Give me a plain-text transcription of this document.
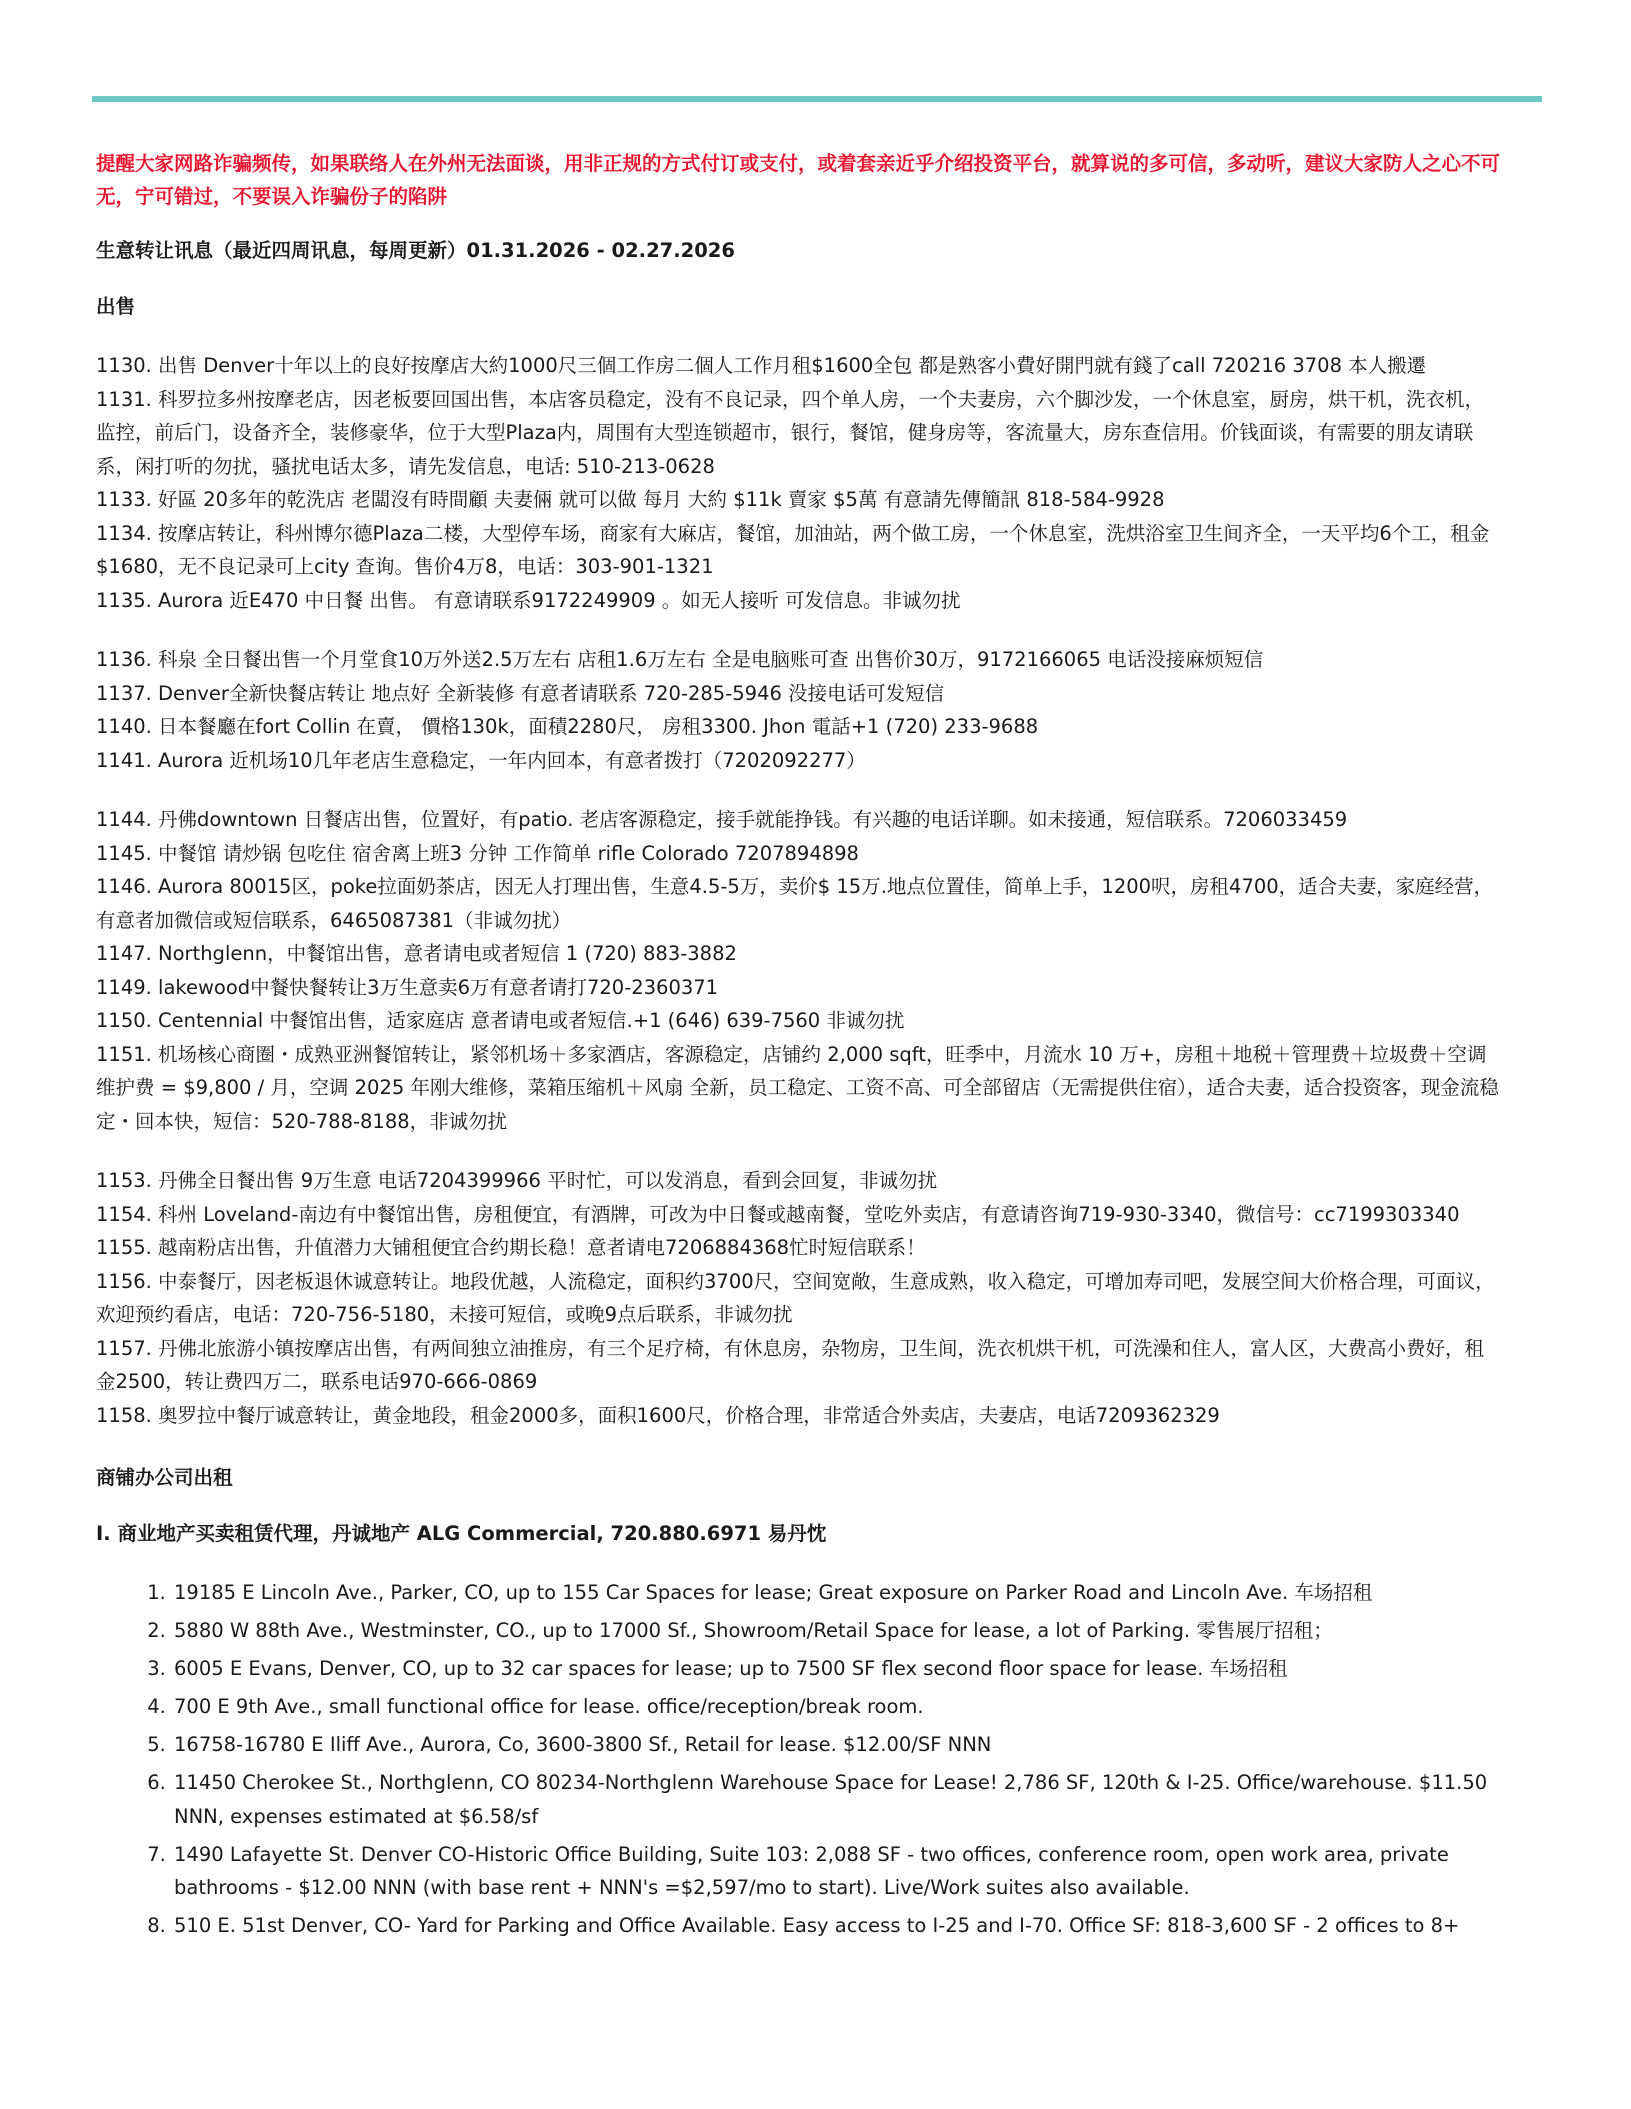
提醒大家网路诈骗频传，如果联络人在外州无法面谈，用非正规的方式付订或支付，或着套亲近乎介绍投资平台，就算说的多可信，多动听，建议大家防人之心不可无，宁可错过，不要误入诈骗份子的陷阱
生意转让讯息（最近四周讯息，每周更新）01.31.2026 - 02.27.2026
出售

1130. 出售 Denver十年以上的良好按摩店大約1000尺三個工作房二個人工作月租$1600全包 都是熟客小費好開門就有錢了call 720216 3708 本人搬遷

1131. 科罗拉多州按摩老店，因老板要回国出售，本店客员稳定，没有不良记录，四个单人房，一个夫妻房，六个脚沙发，一个休息室，厨房，烘干机，洗衣机，监控，前后门，设备齐全，装修豪华，位于大型Plaza内，周围有大型连锁超市，银行，餐馆，健身房等，客流量大，房东查信用。价钱面谈，有需要的朋友请联系，闲打听的勿扰，骚扰电话太多，请先发信息，电话: 510-213-0628

1133. 好區 20多年的乾洗店 老闆沒有時間顧 夫妻倆 就可以做 每月 大約 $11k 賣家 $5萬 有意請先傳簡訊 818-584-9928

1134. 按摩店转让，科州博尔德Plaza二楼，大型停车场，商家有大麻店，餐馆，加油站，两个做工房，一个休息室，洗烘浴室卫生间齐全，一天平均6个工，租金$1680，无不良记录可上city 查询。售价4万8，电话：303-901-1321

1135. Aurora 近E470 中日餐 出售。 有意请联系9172249909 。如无人接听 可发信息。非诚勿扰

1136. 科泉 全日餐出售一个月堂食10万外送2.5万左右 店租1.6万左右 全是电脑账可查 出售价30万，9172166065 电话没接麻烦短信

1137. Denver全新快餐店转让 地点好 全新装修 有意者请联系 720-285-5946 没接电话可发短信

1140. 日本餐廳在fort Collin 在賣， 價格130k，面積2280尺， 房租3300. Jhon 電話+1 (720) 233-9688

1141. Aurora 近机场10几年老店生意稳定，一年内回本，有意者拨打（7202092277）

1144. 丹佛downtown 日餐店出售，位置好，有patio. 老店客源稳定，接手就能挣钱。有兴趣的电话详聊。如未接通，短信联系。7206033459

1145. 中餐馆 请炒锅 包吃住 宿舍离上班3 分钟 工作简单 rifle Colorado 7207894898

1146. Aurora 80015区，poke拉面奶茶店，因无人打理出售，生意4.5-5万，卖价$ 15万.地点位置佳，简单上手，1200呎，房租4700，适合夫妻，家庭经营，有意者加微信或短信联系，6465087381（非诚勿扰）

1147. Northglenn，中餐馆出售，意者请电或者短信 1 (720) 883-3882

1149. lakewood中餐快餐转让3万生意卖6万有意者请打720-2360371

1150. Centennial 中餐馆出售，适家庭店 意者请电或者短信.+1 (646) 639-7560 非诚勿扰

1151. 机场核心商圈・成熟亚洲餐馆转让，紧邻机场＋多家酒店，客源稳定，店铺约 2,000 sqft，旺季中，月流水 10 万+，房租＋地税＋管理费＋垃圾费＋空调维护费 = $9,800 / 月，空调 2025 年刚大维修，菜箱压缩机＋风扇 全新，员工稳定、工资不高、可全部留店（无需提供住宿），适合夫妻，适合投资客，现金流稳定・回本快，短信：520-788-8188，非诚勿扰

1153. 丹佛全日餐出售 9万生意 电话7204399966 平时忙，可以发消息，看到会回复，非诚勿扰

1154. 科州 Loveland-南边有中餐馆出售，房租便宜，有酒牌，可改为中日餐或越南餐，堂吃外卖店，有意请咨询719-930-3340，微信号：cc7199303340

1155. 越南粉店出售，升值潜力大铺租便宜合约期长稳！意者请电7206884368忙时短信联系！

1156. 中泰餐厅，因老板退休诚意转让。地段优越，人流稳定，面积约3700尺，空间宽敞，生意成熟，收入稳定，可增加寿司吧，发展空间大价格合理，可面议，欢迎预约看店，电话：720-756-5180，未接可短信，或晚9点后联系，非诚勿扰

1157. 丹佛北旅游小镇按摩店出售，有两间独立油推房，有三个足疗椅，有休息房，杂物房，卫生间，洗衣机烘干机，可洗澡和住人，富人区，大费高小费好，租金2500，转让费四万二，联系电话970-666-0869

1158. 奥罗拉中餐厅诚意转让，黄金地段，租金2000多，面积1600尺，价格合理，非常适合外卖店，夫妻店，电话7209362329

商铺办公司出租
I. 商业地产买卖租赁代理，丹诚地产 ALG Commercial, 720.880.6971 易丹忱
1. 19185 E Lincoln Ave., Parker, CO, up to 155 Car Spaces for lease; Great exposure on Parker Road and Lincoln Ave. 车场招租
2. 5880 W 88th Ave., Westminster, CO., up to 17000 Sf., Showroom/Retail Space for lease, a lot of Parking. 零售展厅招租；
3. 6005 E Evans, Denver, CO, up to 32 car spaces for lease; up to 7500 SF flex second floor space for lease. 车场招租
4. 700 E 9th Ave., small functional office for lease. office/reception/break room.
5. 16758-16780 E Iliff Ave., Aurora, Co, 3600-3800 Sf., Retail for lease. $12.00/SF NNN
6. 11450 Cherokee St., Northglenn, CO 80234-Northglenn Warehouse Space for Lease! 2,786 SF, 120th & I-25. Office/warehouse. $11.50 NNN, expenses estimated at $6.58/sf
7. 1490 Lafayette St. Denver CO-Historic Office Building, Suite 103: 2,088 SF - two offices, conference room, open work area, private bathrooms - $12.00 NNN (with base rent + NNN's =$2,597/mo to start). Live/Work suites also available.
8. 510 E. 51st Denver, CO- Yard for Parking and Office Available. Easy access to I-25 and I-70. Office SF: 818-3,600 SF - 2 offices to 8+
